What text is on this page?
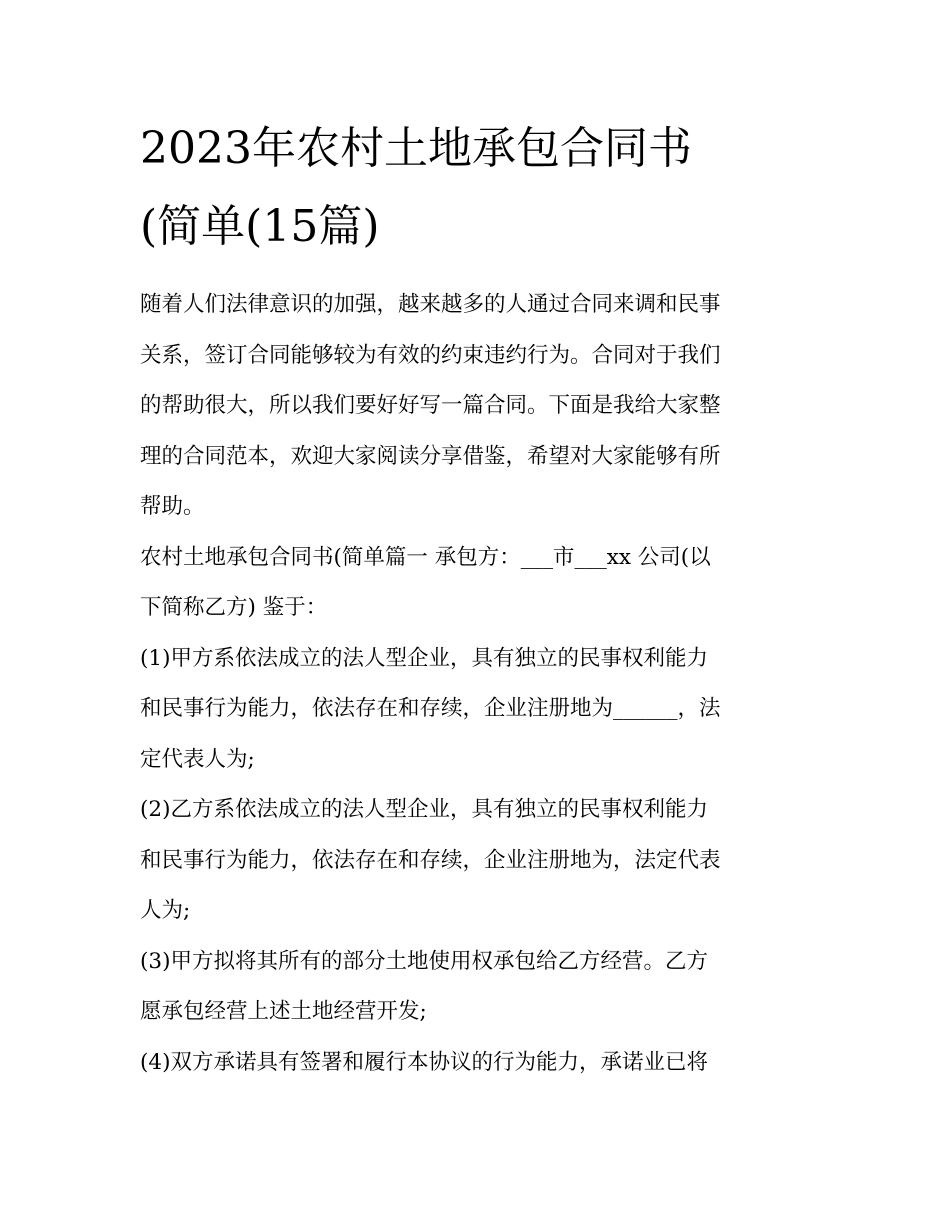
2023年农村土地承包合同书
(简单(15篇)
随着人们法律意识的加强，越来越多的人通过合同来调和民事
关系，签订合同能够较为有效的约束违约行为。合同对于我们
的帮助很大，所以我们要好好写一篇合同。下面是我给大家整
理的合同范本，欢迎大家阅读分享借鉴，希望对大家能够有所
帮助。
农村土地承包合同书(简单篇一 承包方：___市___xx 公司(以
下简称乙方) 鉴于：
(1)甲方系依法成立的法人型企业，具有独立的民事权利能力
和民事行为能力，依法存在和存续，企业注册地为______，法
定代表人为;
(2)乙方系依法成立的法人型企业，具有独立的民事权利能力
和民事行为能力，依法存在和存续，企业注册地为，法定代表
人为;
(3)甲方拟将其所有的部分土地使用权承包给乙方经营。乙方
愿承包经营上述土地经营开发;
(4)双方承诺具有签署和履行本协议的行为能力，承诺业已将
